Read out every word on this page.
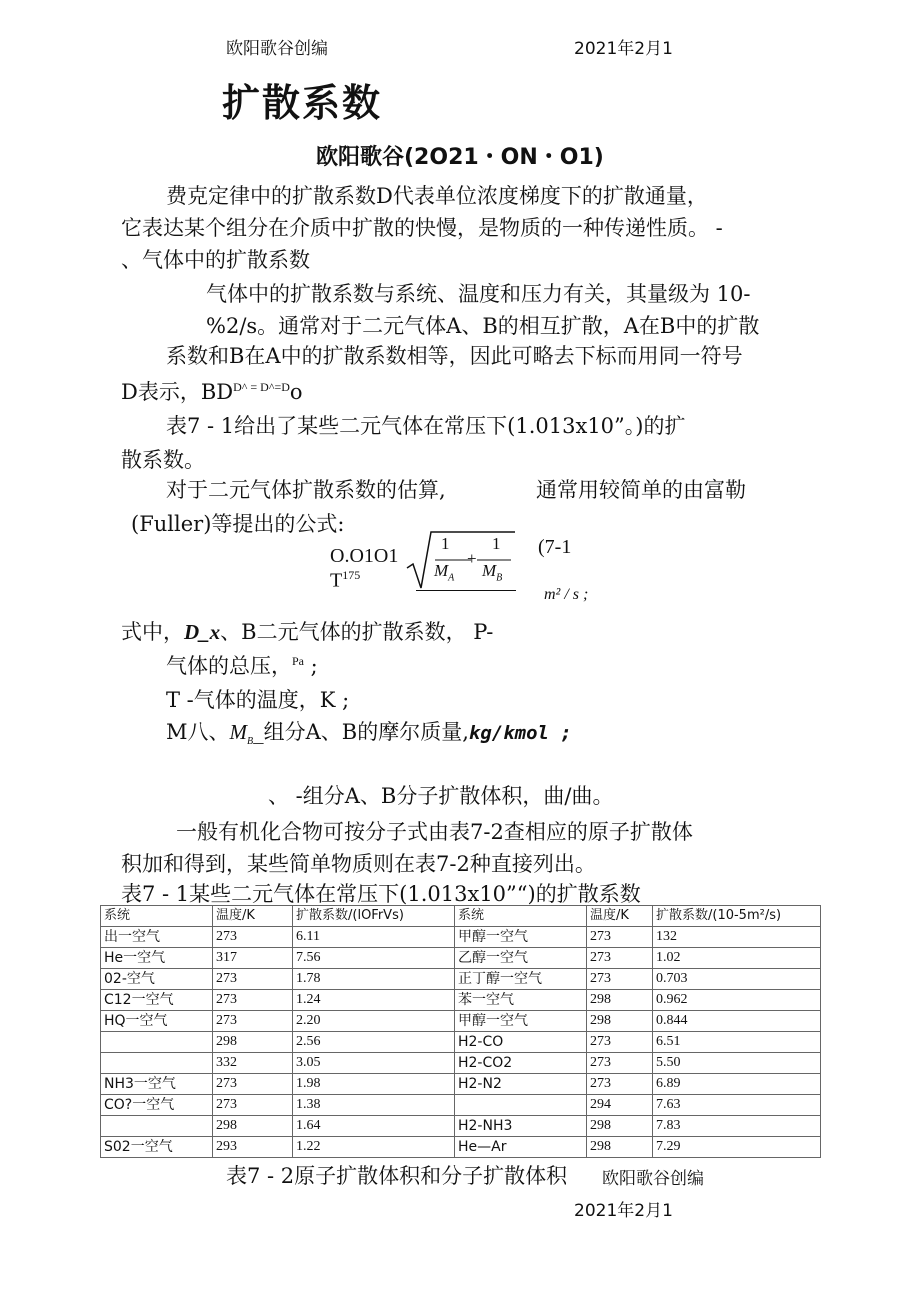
欧阳歌谷创编	2021年2月1
扩散系数
欧阳歌谷(2O21・ON・O1)
费克定律中的扩散系数D代表单位浓度梯度下的扩散通量，
它表达某个组分在介质中扩散的快慢，是物质的一种传递性质。 -
、气体中的扩散系数
气体中的扩散系数与系统、温度和压力有关，其量级为 10-
%2/s。通常对于二元气体A、B的相互扩散，A在B中的扩散
系数和B在A中的扩散系数相等，因此可略去下标而用同一符号
D表示，$BD^{D\^{} = D\^{}=D}o$
表7 - 1给出了某些二元气体在常压下(1.013x10”。)的扩
散系数。
对于二元气体扩散系数的估算,	通常用较简单的由富勒
(Fuller)等提出的公式:
O.O1O1
$T^{175}$
1
$M_A$
+
1
$M_B$
(7-1
m² / s ;
式中，D_x、B二元气体的扩散系数， P-
气体的总压，$^{Pa}$ ;
T -气体的温度，K ;
M八、$M_B\_$组分A、B的摩尔质量,kg/kmol ;
、 -组分A、B分子扩散体积，曲/曲。
一般有机化合物可按分子式由表7-2查相应的原子扩散体
积加和得到，某些简单物质则在表7-2种直接列出。
表7 - 1某些二元气体在常压下(1.013x10”“)的扩散系数
系统	温度/K	扩散系数/(lOFrVs)	系统	温度/K	扩散系数/(10-5m²/s)
出一空气	273	6.11	甲醇一空气	273	132
He一空气	317	7.56	乙醇一空气	273	1.02
02-空气	273	1.78	正丁醇一空气	273	0.703
C12一空气	273	1.24	苯一空气	298	0.962
HQ一空气	273	2.20	甲醇一空气	298	0.844
	298	2.56	H2-CO	273	6.51
	332	3.05	H2-CO2	273	5.50
NH3一空气	273	1.98	H2-N2	273	6.89
CO?一空气	273	1.38		294	7.63
	298	1.64	H2-NH3	298	7.83
S02一空气	293	1.22	He—Ar	298	7.29
表7 - 2原子扩散体积和分子扩散体积 欧阳歌谷创编
2021年2月1
